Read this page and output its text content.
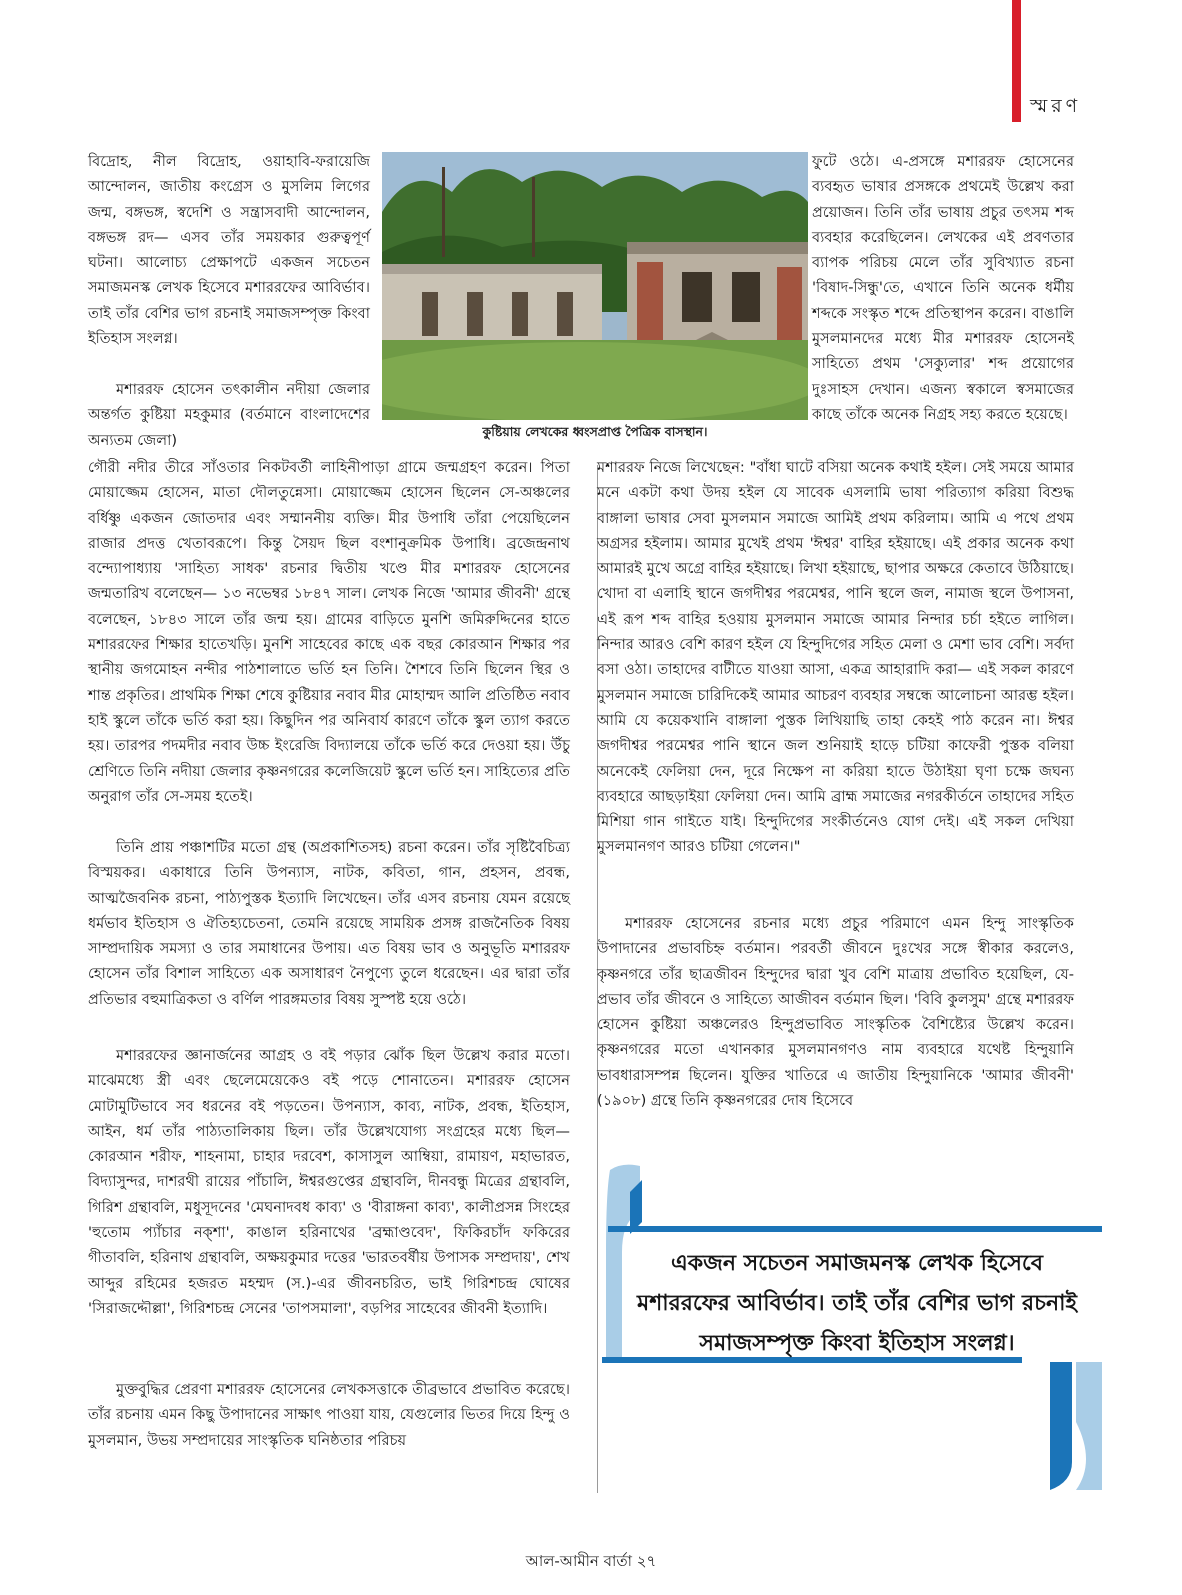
স্মরণ

বিদ্রোহ, নীল বিদ্রোহ, ওয়াহাবি-ফরায়েজি আন্দোলন, জাতীয় কংগ্রেস ও মুসলিম লিগের জন্ম, বঙ্গভঙ্গ, স্বদেশি ও সন্ত্রাসবাদী আন্দোলন, বঙ্গভঙ্গ রদ— এসব তাঁর সময়কার গুরুত্বপূর্ণ ঘটনা। আলোচ্য প্রেক্ষাপটে একজন সচেতন সমাজমনস্ক লেখক হিসেবে মশাররফের আবির্ভাব। তাই তাঁর বেশির ভাগ রচনাই সমাজসম্পৃক্ত কিংবা ইতিহাস সংলগ্ন।

মশাররফ হোসেন তৎকালীন নদীয়া জেলার অন্তর্গত কুষ্টিয়া মহকুমার (বর্তমানে বাংলাদেশের অন্যতম জেলা)

গৌরী নদীর তীরে সাঁওতার নিকটবর্তী লাহিনীপাড়া গ্রামে জন্মগ্রহণ করেন। পিতা মোয়াজ্জেম হোসেন, মাতা দৌলতুন্নেসা। মোয়াজ্জেম হোসেন ছিলেন সে-অঞ্চলের বর্ধিষ্ণু একজন জোতদার এবং সম্মাননীয় ব্যক্তি। মীর উপাধি তাঁরা পেয়েছিলেন রাজার প্রদত্ত খেতাবরূপে। কিন্তু সৈয়দ ছিল বংশানুক্রমিক উপাধি। ব্রজেন্দ্রনাথ বন্দ্যোপাধ্যায় 'সাহিত্য সাধক' রচনার দ্বিতীয় খণ্ডে মীর মশাররফ হোসেনের জন্মতারিখ বলেছেন— ১৩ নভেম্বর ১৮৪৭ সাল। লেখক নিজে 'আমার জীবনী' গ্রন্থে বলেছেন, ১৮৪৩ সালে তাঁর জন্ম হয়। গ্রামের বাড়িতে মুনশি জমিরুদ্দিনের হাতে মশাররফের শিক্ষার হাতেখড়ি। মুনশি সাহেবের কাছে এক বছর কোরআন শিক্ষার পর স্থানীয় জগমোহন নন্দীর পাঠশালাতে ভর্তি হন তিনি। শৈশবে তিনি ছিলেন স্থির ও শান্ত প্রকৃতির। প্রাথমিক শিক্ষা শেষে কুষ্টিয়ার নবাব মীর মোহাম্মদ আলি প্রতিষ্ঠিত নবাব হাই স্কুলে তাঁকে ভর্তি করা হয়। কিছুদিন পর অনিবার্য কারণে তাঁকে স্কুল ত্যাগ করতে হয়। তারপর পদমদীর নবাব উচ্চ ইংরেজি বিদ্যালয়ে তাঁকে ভর্তি করে দেওয়া হয়। উঁচু শ্রেণিতে তিনি নদীয়া জেলার কৃষ্ণনগরের কলেজিয়েট স্কুলে ভর্তি হন। সাহিত্যের প্রতি অনুরাগ তাঁর সে-সময় হতেই।

তিনি প্রায় পঞ্চাশটির মতো গ্রন্থ (অপ্রকাশিতসহ) রচনা করেন। তাঁর সৃষ্টিবৈচিত্র্য বিস্ময়কর। একাধারে তিনি উপন্যাস, নাটক, কবিতা, গান, প্রহসন, প্রবন্ধ, আত্মজৈবনিক রচনা, পাঠ্যপুস্তক ইত্যাদি লিখেছেন। তাঁর এসব রচনায় যেমন রয়েছে ধর্মভাব ইতিহাস ও ঐতিহ্যচেতনা, তেমনি রয়েছে সাময়িক প্রসঙ্গ রাজনৈতিক বিষয় সাম্প্রদায়িক সমস্যা ও তার সমাধানের উপায়। এত বিষয় ভাব ও অনুভূতি মশাররফ হোসেন তাঁর বিশাল সাহিত্যে এক অসাধারণ নৈপুণ্যে তুলে ধরেছেন। এর দ্বারা তাঁর প্রতিভার বহুমাত্রিকতা ও বর্ণিল পারঙ্গমতার বিষয় সুস্পষ্ট হয়ে ওঠে।

মশাররফের জ্ঞানার্জনের আগ্রহ ও বই পড়ার ঝোঁক ছিল উল্লেখ করার মতো। মাঝেমধ্যে স্ত্রী এবং ছেলেমেয়েকেও বই পড়ে শোনাতেন। মশাররফ হোসেন মোটামুটিভাবে সব ধরনের বই পড়তেন। উপন্যাস, কাব্য, নাটক, প্রবন্ধ, ইতিহাস, আইন, ধর্ম তাঁর পাঠ্যতালিকায় ছিল। তাঁর উল্লেখযোগ্য সংগ্রহের মধ্যে ছিল— কোরআন শরীফ, শাহনামা, চাহার দরবেশ, কাসাসুল আম্বিয়া, রামায়ণ, মহাভারত, বিদ্যাসুন্দর, দাশরথী রায়ের পাঁচালি, ঈশ্বরগুপ্তের গ্রন্থাবলি, দীনবন্ধু মিত্রের গ্রন্থাবলি, গিরিশ গ্রন্থাবলি, মধুসূদনের 'মেঘনাদবধ কাব্য' ও 'বীরাঙ্গনা কাব্য', কালীপ্রসন্ন সিংহের 'হুতোম প্যাঁচার নক্শা', কাঙাল হরিনাথের 'ব্রহ্মাণ্ডবেদ', ফিকিরচাঁদ ফকিরের গীতাবলি, হরিনাথ গ্রন্থাবলি, অক্ষয়কুমার দত্তের 'ভারতবর্ষীয় উপাসক সম্প্রদায়', শেখ আব্দুর রহিমের হজরত মহম্মদ (স.)-এর জীবনচরিত, ভাই গিরিশচন্দ্র ঘোষের 'সিরাজদ্দৌল্লা', গিরিশচন্দ্র সেনের 'তাপসমালা', বড়পির সাহেবের জীবনী ইত্যাদি।

মুক্তবুদ্ধির প্রেরণা মশাররফ হোসেনের লেখকসত্তাকে তীব্রভাবে প্রভাবিত করেছে। তাঁর রচনায় এমন কিছু উপাদানের সাক্ষাৎ পাওয়া যায়, যেগুলোর ভিতর দিয়ে হিন্দু ও মুসলমান, উভয় সম্প্রদায়ের সাংস্কৃতিক ঘনিষ্ঠতার পরিচয়

কুষ্টিয়ায় লেখকের ধ্বংসপ্রাপ্ত পৈত্রিক বাসস্থান।

ফুটে ওঠে। এ-প্রসঙ্গে মশাররফ হোসেনের ব্যবহৃত ভাষার প্রসঙ্গকে প্রথমেই উল্লেখ করা প্রয়োজন। তিনি তাঁর ভাষায় প্রচুর তৎসম শব্দ ব্যবহার করেছিলেন। লেখকের এই প্রবণতার ব্যাপক পরিচয় মেলে তাঁর সুবিখ্যাত রচনা 'বিষাদ-সিন্ধু'তে, এখানে তিনি অনেক ধর্মীয় শব্দকে সংস্কৃত শব্দে প্রতিস্থাপন করেন। বাঙালি মুসলমানদের মধ্যে মীর মশাররফ হোসেনই সাহিত্যে প্রথম 'সেক্যুলার' শব্দ প্রয়োগের দুঃসাহস দেখান। এজন্য স্বকালে স্বসমাজের কাছে তাঁকে অনেক নিগ্রহ সহ্য করতে হয়েছে।

মশাররফ নিজে লিখেছেন: "বাঁধা ঘাটে বসিয়া অনেক কথাই হইল। সেই সময়ে আমার মনে একটা কথা উদয় হইল যে সাবেক এসলামি ভাষা পরিত্যাগ করিয়া বিশুদ্ধ বাঙ্গালা ভাষার সেবা মুসলমান সমাজে আমিই প্রথম করিলাম। আমি এ পথে প্রথম অগ্রসর হইলাম। আমার মুখেই প্রথম 'ঈশ্বর' বাহির হইয়াছে। এই প্রকার অনেক কথা আমারই মুখে অগ্রে বাহির হইয়াছে। লিখা হইয়াছে, ছাপার অক্ষরে কেতাবে উঠিয়াছে। খোদা বা এলাহি স্থানে জগদীশ্বর পরমেশ্বর, পানি স্থলে জল, নামাজ স্থলে উপাসনা, এই রূপ শব্দ বাহির হওয়ায় মুসলমান সমাজে আমার নিন্দার চর্চা হইতে লাগিল। নিন্দার আরও বেশি কারণ হইল যে হিন্দুদিগের সহিত মেলা ও মেশা ভাব বেশি। সর্বদা বসা ওঠা। তাহাদের বাটীতে যাওয়া আসা, একত্র আহারাদি করা— এই সকল কারণে মুসলমান সমাজে চারিদিকেই আমার আচরণ ব্যবহার সম্বন্ধে আলোচনা আরম্ভ হইল। আমি যে কয়েকখানি বাঙ্গালা পুস্তক লিখিয়াছি তাহা কেহই পাঠ করেন না। ঈশ্বর জগদীশ্বর পরমেশ্বর পানি স্থানে জল শুনিয়াই হাড়ে চটিয়া কাফেরী পুস্তক বলিয়া অনেকেই ফেলিয়া দেন, দূরে নিক্ষেপ না করিয়া হাতে উঠাইয়া ঘৃণা চক্ষে জঘন্য ব্যবহারে আছড়াইয়া ফেলিয়া দেন। আমি ব্রাহ্ম সমাজের নগরকীর্তনে তাহাদের সহিত মিশিয়া গান গাইতে যাই। হিন্দুদিগের সংকীর্তনেও যোগ দেই। এই সকল দেখিয়া মুসলমানগণ আরও চটিয়া গেলেন।"

মশাররফ হোসেনের রচনার মধ্যে প্রচুর পরিমাণে এমন হিন্দু সাংস্কৃতিক উপাদানের প্রভাবচিহ্ন বর্তমান। পরবর্তী জীবনে দুঃখের সঙ্গে স্বীকার করলেও, কৃষ্ণনগরে তাঁর ছাত্রজীবন হিন্দুদের দ্বারা খুব বেশি মাত্রায় প্রভাবিত হয়েছিল, যে-প্রভাব তাঁর জীবনে ও সাহিত্যে আজীবন বর্তমান ছিল। 'বিবি কুলসুম' গ্রন্থে মশাররফ হোসেন কুষ্টিয়া অঞ্চলেরও হিন্দুপ্রভাবিত সাংস্কৃতিক বৈশিষ্ট্যের উল্লেখ করেন। কৃষ্ণনগরের মতো এখানকার মুসলমানগণও নাম ব্যবহারে যথেষ্ট হিন্দুয়ানি ভাবধারাসম্পন্ন ছিলেন। যুক্তির খাতিরে এ জাতীয় হিন্দুয়ানিকে 'আমার জীবনী' (১৯০৮) গ্রন্থে তিনি কৃষ্ণনগরের দোষ হিসেবে

একজন সচেতন সমাজমনস্ক লেখক হিসেবে মশাররফের আবির্ভাব। তাই তাঁর বেশির ভাগ রচনাই সমাজসম্পৃক্ত কিংবা ইতিহাস সংলগ্ন।

আল-আমীন বার্তা ২৭
